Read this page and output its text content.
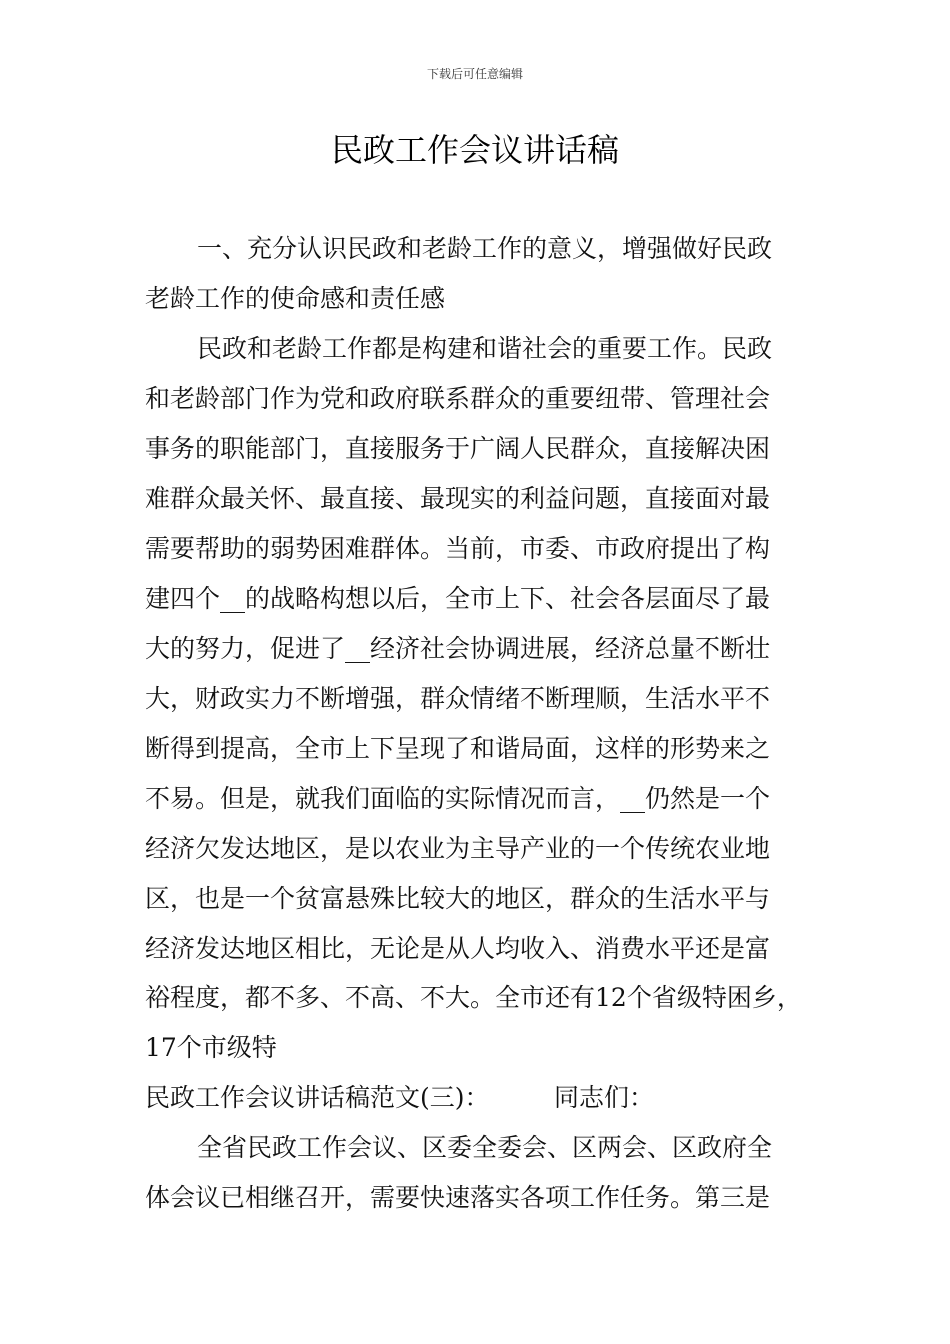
下载后可任意编辑
民政工作会议讲话稿
一、充分认识民政和老龄工作的意义，增强做好民政
老龄工作的使命感和责任感
民政和老龄工作都是构建和谐社会的重要工作。民政
和老龄部门作为党和政府联系群众的重要纽带、管理社会
事务的职能部门，直接服务于广阔人民群众，直接解决困
难群众最关怀、最直接、最现实的利益问题，直接面对最
需要帮助的弱势困难群体。当前，市委、市政府提出了构
建四个__的战略构想以后，全市上下、社会各层面尽了最
大的努力，促进了__经济社会协调进展，经济总量不断壮
大，财政实力不断增强，群众情绪不断理顺，生活水平不
断得到提高，全市上下呈现了和谐局面，这样的形势来之
不易。但是，就我们面临的实际情况而言，__仍然是一个
经济欠发达地区，是以农业为主导产业的一个传统农业地
区，也是一个贫富悬殊比较大的地区，群众的生活水平与
经济发达地区相比，无论是从人均收入、消费水平还是富
裕程度，都不多、不高、不大。全市还有12个省级特困乡，
17个市级特
民政工作会议讲话稿范文(三)：	同志们：
全省民政工作会议、区委全委会、区两会、区政府全
体会议已相继召开，需要快速落实各项工作任务。第三是
